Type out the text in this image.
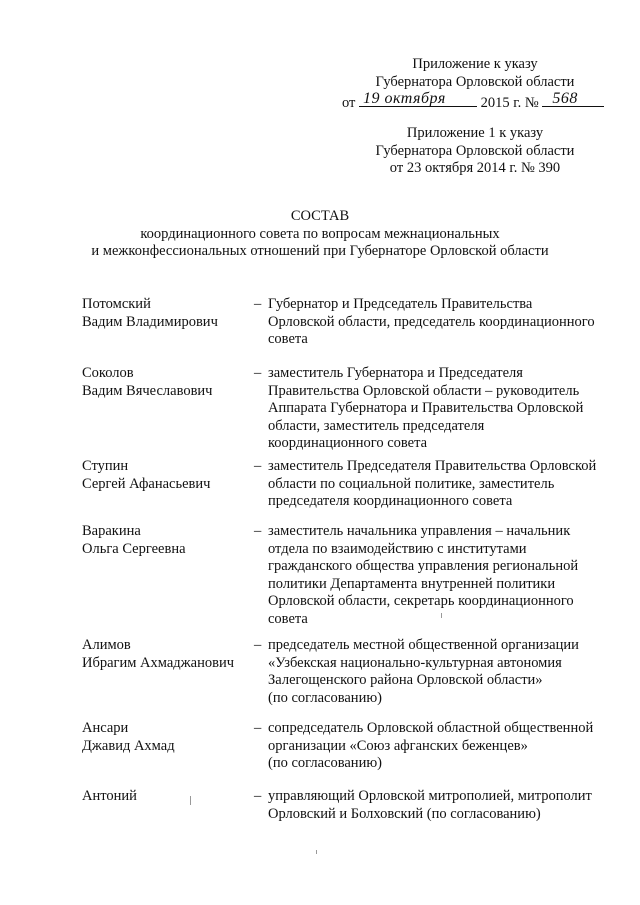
Приложение к указу
Губернатора Орловской области
от 19 октября 2015 г. № 568
Приложение 1 к указу
Губернатора Орловской области
от 23 октября 2014 г. № 390
СОСТАВ
координационного совета по вопросам межнациональных
и межконфессиональных отношений при Губернаторе Орловской области
Потомский
Вадим Владимирович
– Губернатор и Председатель Правительства
Орловской области, председатель координационного
совета
Соколов
Вадим Вячеславович
– заместитель Губернатора и Председателя
Правительства Орловской области – руководитель
Аппарата Губернатора и Правительства Орловской
области, заместитель председателя
координационного совета
Ступин
Сергей Афанасьевич
– заместитель Председателя Правительства Орловской
области по социальной политике, заместитель
председателя координационного совета
Варакина
Ольга Сергеевна
– заместитель начальника управления – начальник
отдела по взаимодействию с институтами
гражданского общества управления региональной
политики Департамента внутренней политики
Орловской области, секретарь координационного
совета
Алимов
Ибрагим Ахмаджанович
– председатель местной общественной организации
«Узбекская национально-культурная автономия
Залегощенского района Орловской области»
(по согласованию)
Ансари
Джавид Ахмад
– сопредседатель Орловской областной общественной
организации «Союз афганских беженцев»
(по согласованию)
Антоний	– управляющий Орловской митрополией, митрополит
Орловский и Болховский (по согласованию)
